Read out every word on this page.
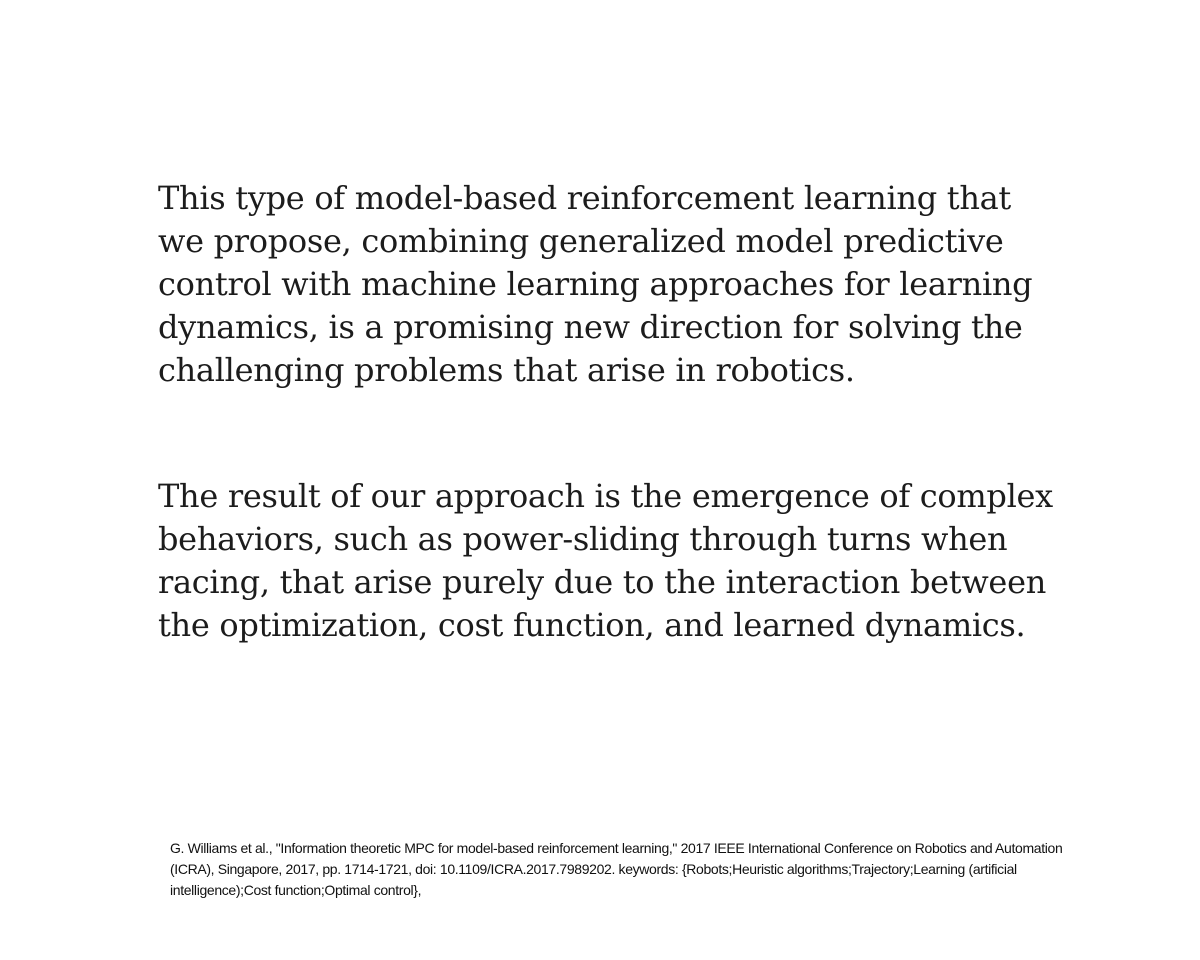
This type of model-based reinforcement learning that we propose, combining generalized model predictive control with machine learning approaches for learning dynamics, is a promising new direction for solving the challenging problems that arise in robotics.

The result of our approach is the emergence of complex behaviors, such as power-sliding through turns when racing, that arise purely due to the interaction between the optimization, cost function, and learned dynamics.

G. Williams et al., "Information theoretic MPC for model-based reinforcement learning," 2017 IEEE International Conference on Robotics and Automation (ICRA), Singapore, 2017, pp. 1714-1721, doi: 10.1109/ICRA.2017.7989202. keywords: {Robots;Heuristic algorithms;Trajectory;Learning (artificial intelligence);Cost function;Optimal control},
